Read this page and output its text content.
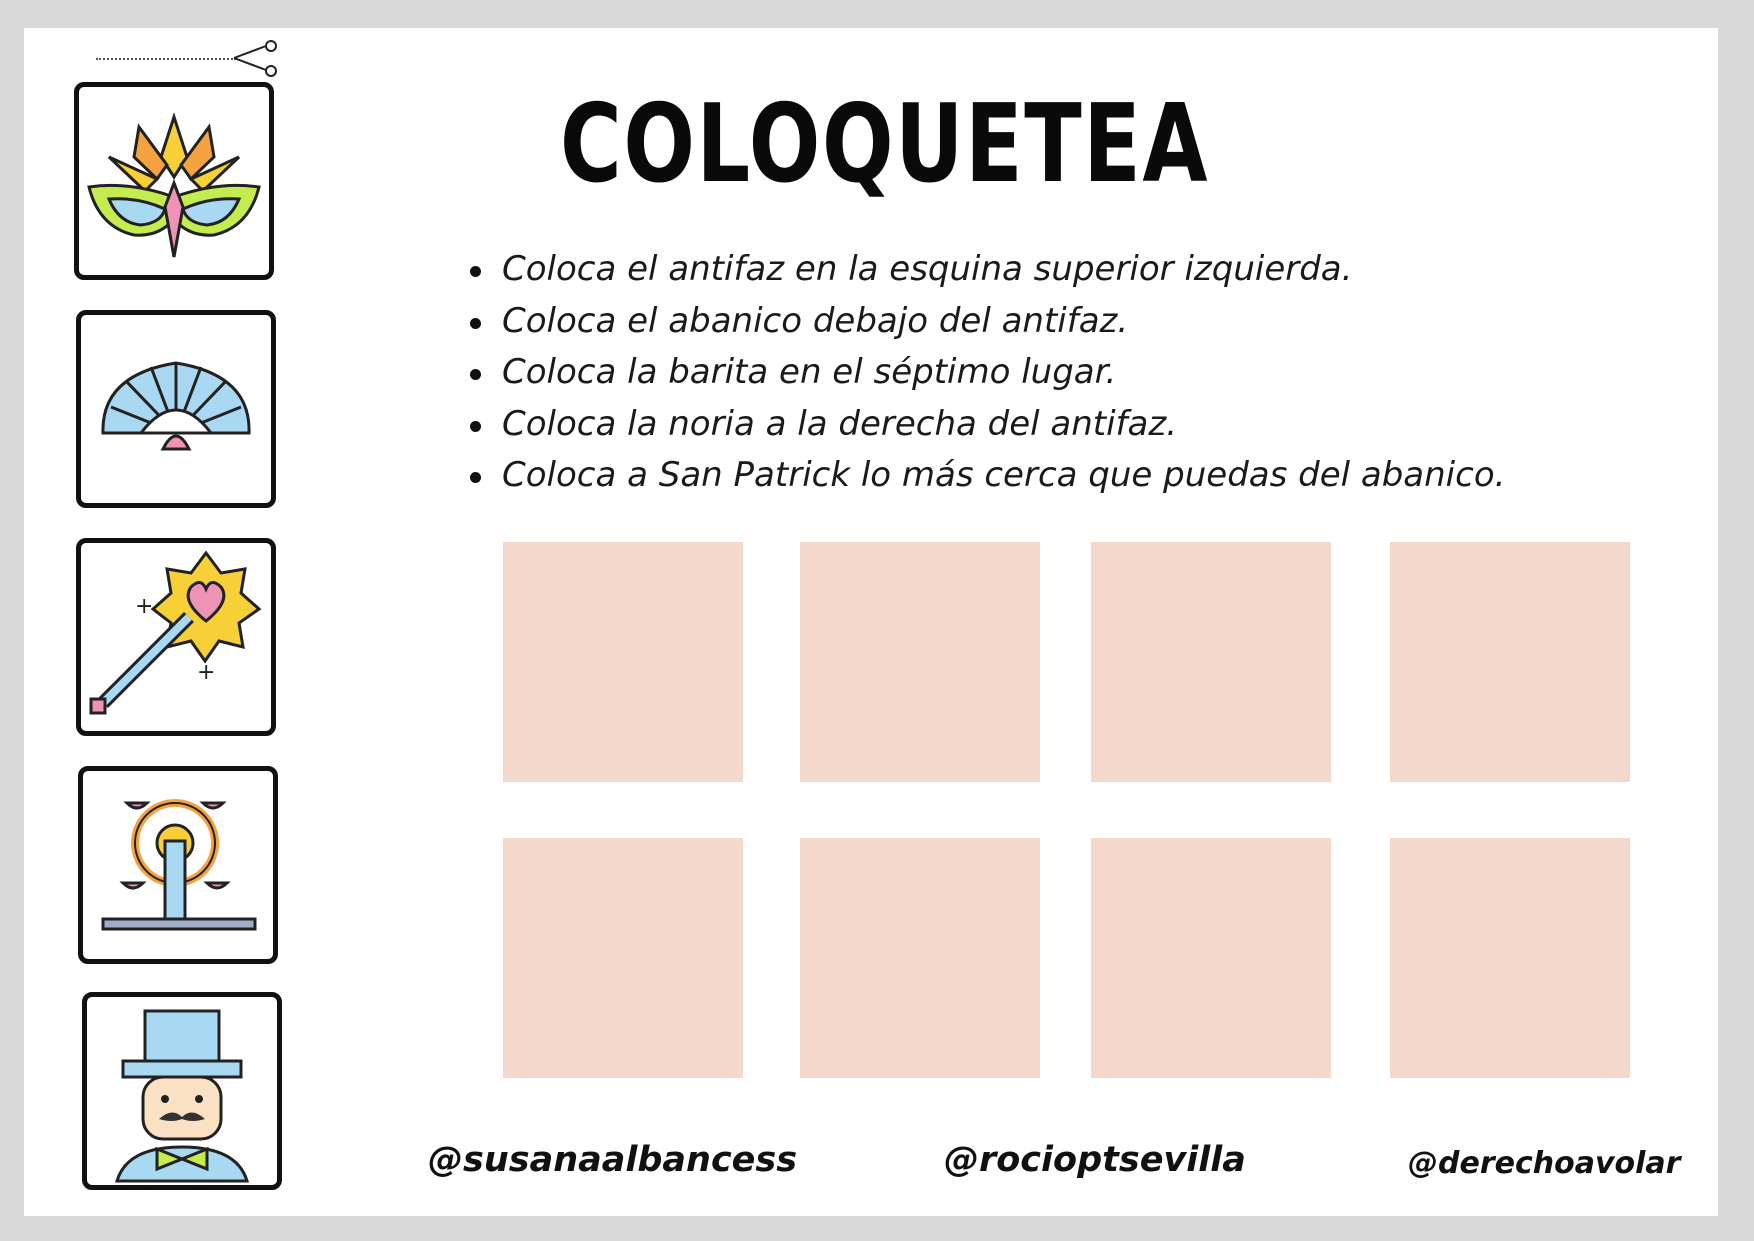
+
+
COLOQUETEA
Coloca el antifaz en la esquina superior izquierda.
Coloca el abanico debajo del antifaz.
Coloca la barita en el séptimo lugar.
Coloca la noria a la derecha del antifaz.
Coloca a San Patrick lo más cerca que puedas del abanico.
@susanaalbancess	@rocioptsevilla	@derechoavolar
